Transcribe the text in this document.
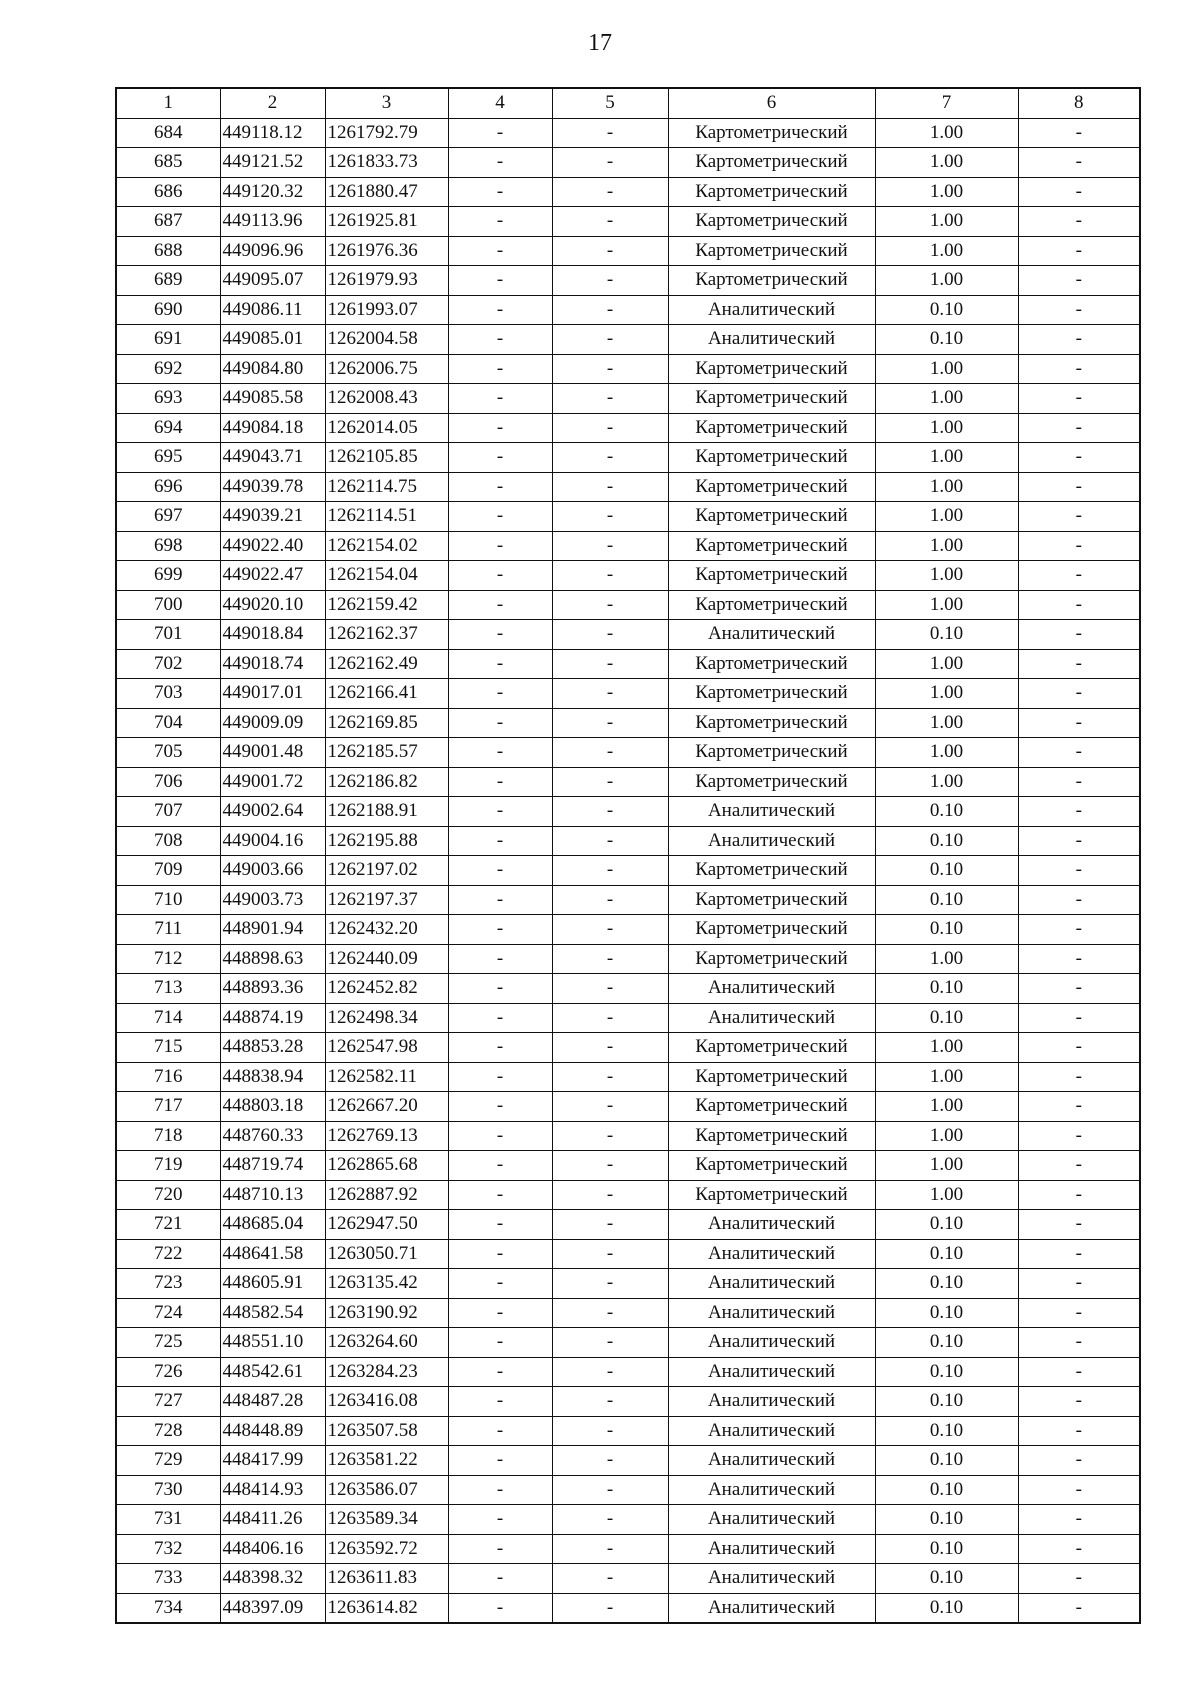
17
1	2	3	4	5	6	7	8
684	449118.12	1261792.79	-	-	Картометрический	1.00	-
685	449121.52	1261833.73	-	-	Картометрический	1.00	-
686	449120.32	1261880.47	-	-	Картометрический	1.00	-
687	449113.96	1261925.81	-	-	Картометрический	1.00	-
688	449096.96	1261976.36	-	-	Картометрический	1.00	-
689	449095.07	1261979.93	-	-	Картометрический	1.00	-
690	449086.11	1261993.07	-	-	Аналитический	0.10	-
691	449085.01	1262004.58	-	-	Аналитический	0.10	-
692	449084.80	1262006.75	-	-	Картометрический	1.00	-
693	449085.58	1262008.43	-	-	Картометрический	1.00	-
694	449084.18	1262014.05	-	-	Картометрический	1.00	-
695	449043.71	1262105.85	-	-	Картометрический	1.00	-
696	449039.78	1262114.75	-	-	Картометрический	1.00	-
697	449039.21	1262114.51	-	-	Картометрический	1.00	-
698	449022.40	1262154.02	-	-	Картометрический	1.00	-
699	449022.47	1262154.04	-	-	Картометрический	1.00	-
700	449020.10	1262159.42	-	-	Картометрический	1.00	-
701	449018.84	1262162.37	-	-	Аналитический	0.10	-
702	449018.74	1262162.49	-	-	Картометрический	1.00	-
703	449017.01	1262166.41	-	-	Картометрический	1.00	-
704	449009.09	1262169.85	-	-	Картометрический	1.00	-
705	449001.48	1262185.57	-	-	Картометрический	1.00	-
706	449001.72	1262186.82	-	-	Картометрический	1.00	-
707	449002.64	1262188.91	-	-	Аналитический	0.10	-
708	449004.16	1262195.88	-	-	Аналитический	0.10	-
709	449003.66	1262197.02	-	-	Картометрический	0.10	-
710	449003.73	1262197.37	-	-	Картометрический	0.10	-
711	448901.94	1262432.20	-	-	Картометрический	0.10	-
712	448898.63	1262440.09	-	-	Картометрический	1.00	-
713	448893.36	1262452.82	-	-	Аналитический	0.10	-
714	448874.19	1262498.34	-	-	Аналитический	0.10	-
715	448853.28	1262547.98	-	-	Картометрический	1.00	-
716	448838.94	1262582.11	-	-	Картометрический	1.00	-
717	448803.18	1262667.20	-	-	Картометрический	1.00	-
718	448760.33	1262769.13	-	-	Картометрический	1.00	-
719	448719.74	1262865.68	-	-	Картометрический	1.00	-
720	448710.13	1262887.92	-	-	Картометрический	1.00	-
721	448685.04	1262947.50	-	-	Аналитический	0.10	-
722	448641.58	1263050.71	-	-	Аналитический	0.10	-
723	448605.91	1263135.42	-	-	Аналитический	0.10	-
724	448582.54	1263190.92	-	-	Аналитический	0.10	-
725	448551.10	1263264.60	-	-	Аналитический	0.10	-
726	448542.61	1263284.23	-	-	Аналитический	0.10	-
727	448487.28	1263416.08	-	-	Аналитический	0.10	-
728	448448.89	1263507.58	-	-	Аналитический	0.10	-
729	448417.99	1263581.22	-	-	Аналитический	0.10	-
730	448414.93	1263586.07	-	-	Аналитический	0.10	-
731	448411.26	1263589.34	-	-	Аналитический	0.10	-
732	448406.16	1263592.72	-	-	Аналитический	0.10	-
733	448398.32	1263611.83	-	-	Аналитический	0.10	-
734	448397.09	1263614.82	-	-	Аналитический	0.10	-
